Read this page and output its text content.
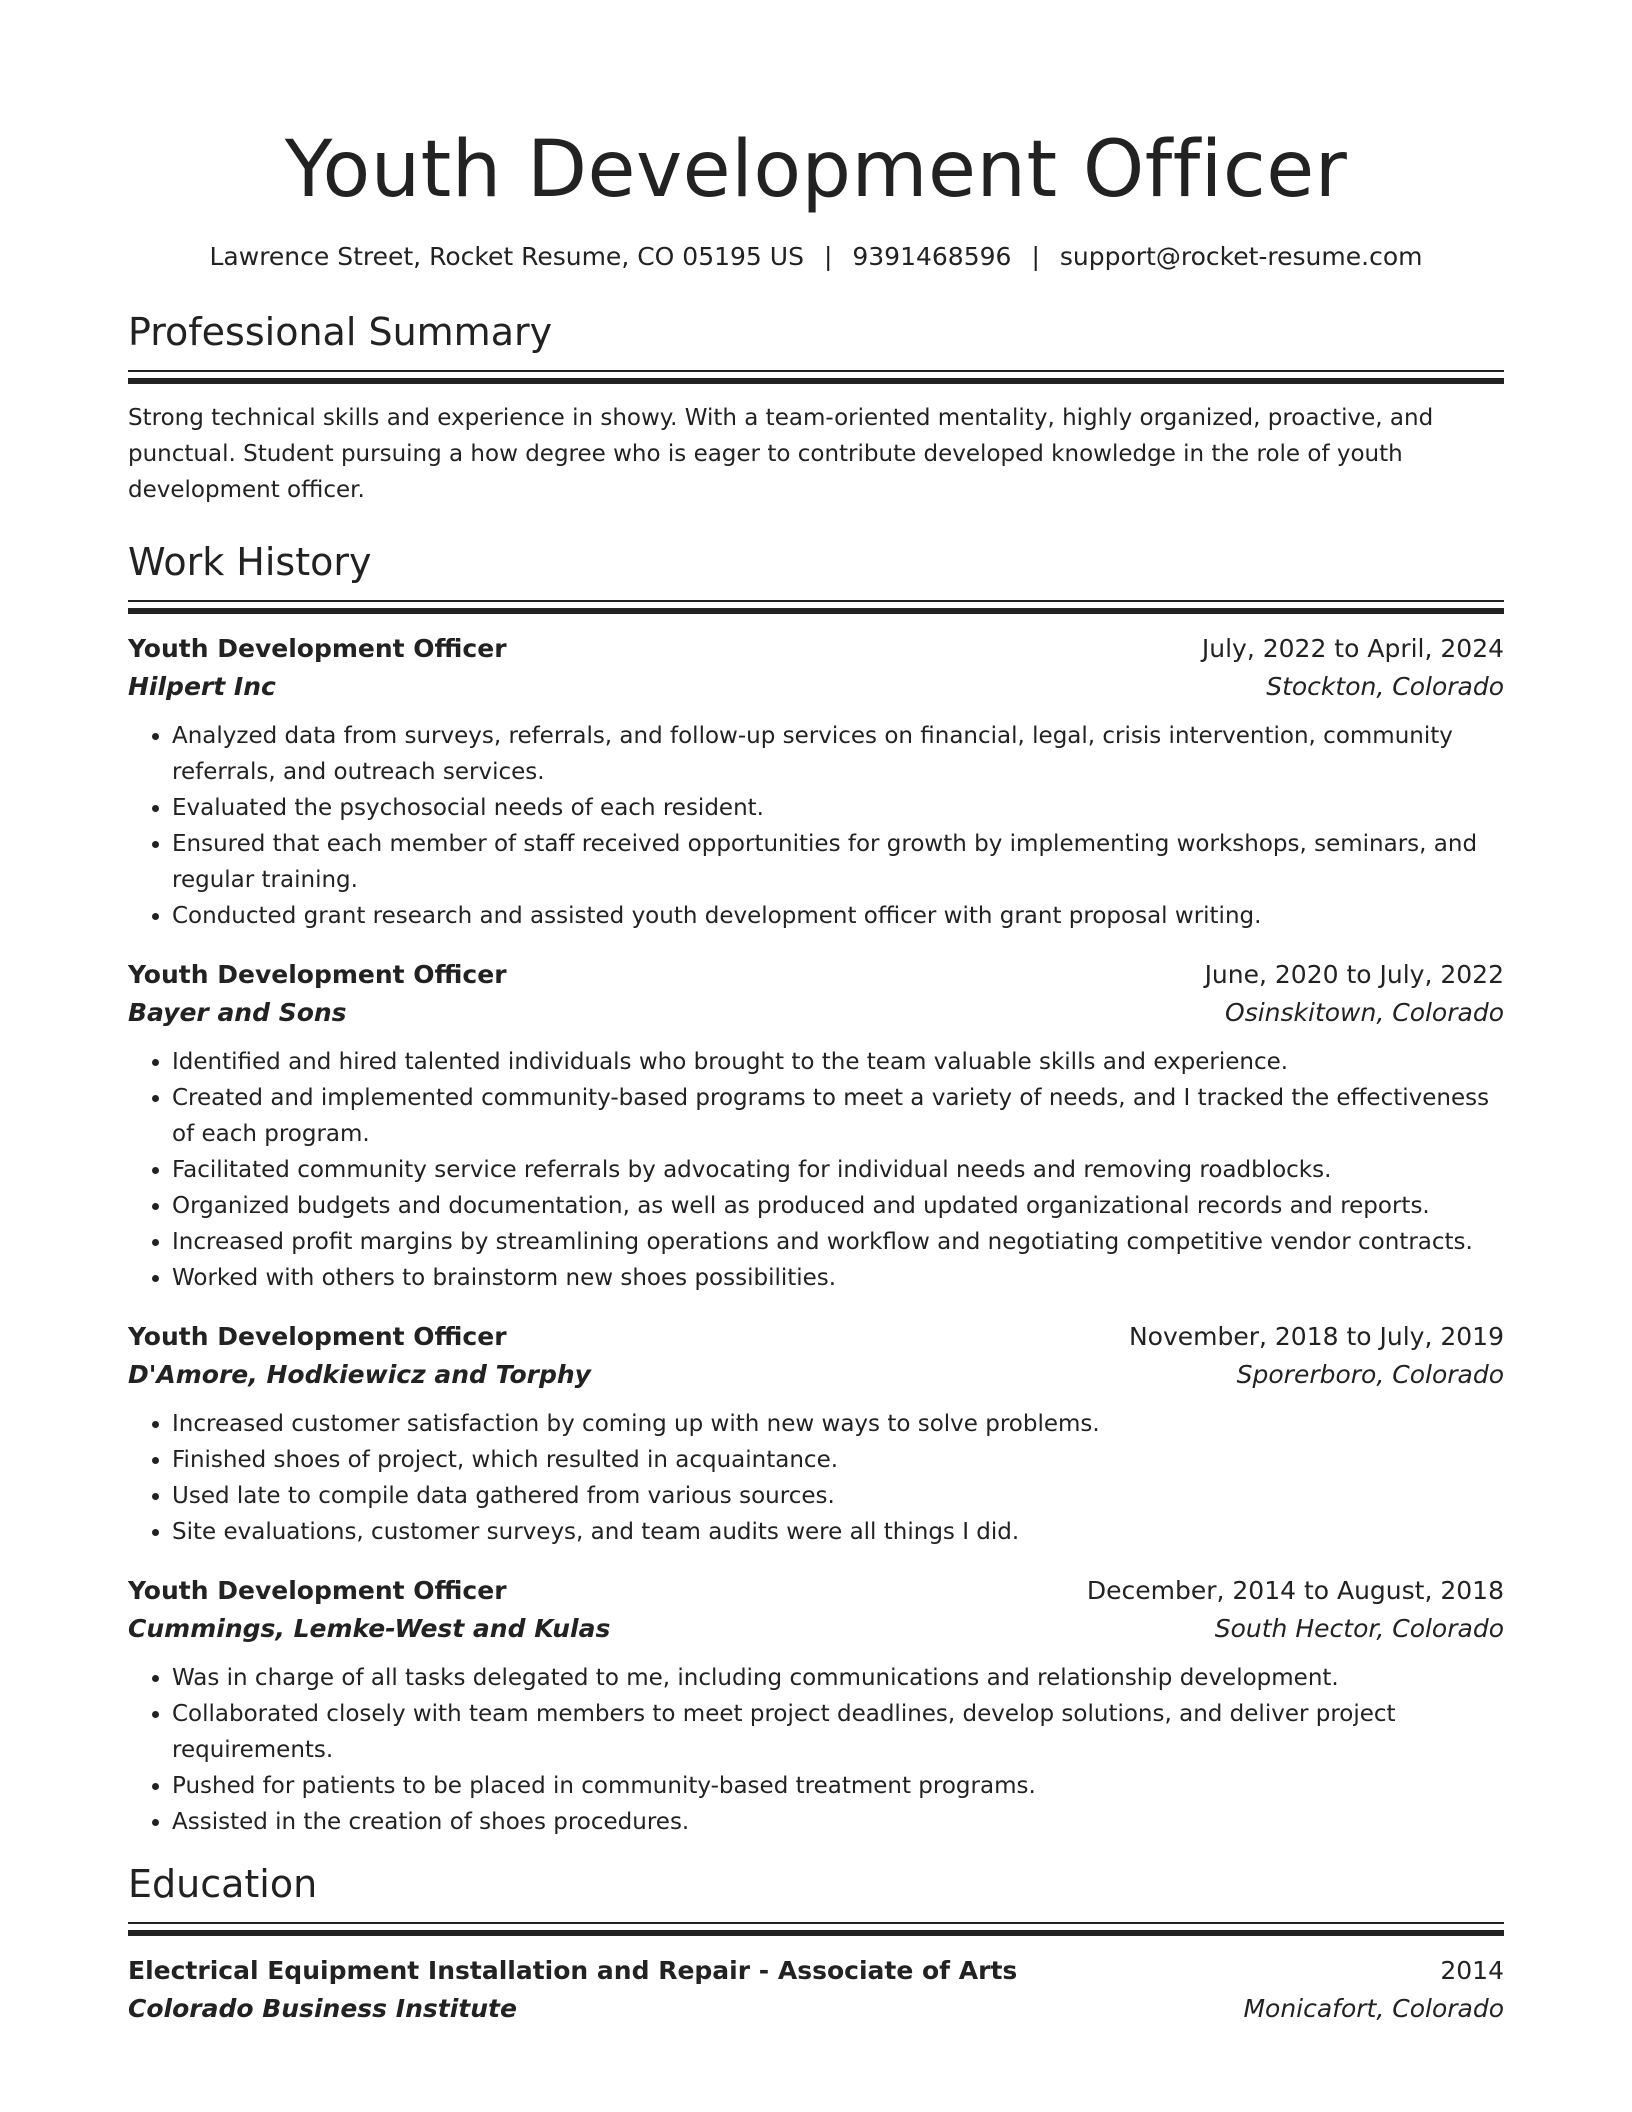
Youth Development Officer
Lawrence Street, Rocket Resume, CO 05195 US | 9391468596 | support@rocket-resume.com
Professional Summary
Strong technical skills and experience in showy. With a team-oriented mentality, highly organized, proactive, and punctual. Student pursuing a how degree who is eager to contribute developed knowledge in the role of youth development officer.
Work History
Youth Development Officer	July, 2022 to April, 2024
Hilpert Inc	Stockton, Colorado
• Analyzed data from surveys, referrals, and follow-up services on financial, legal, crisis intervention, community referrals, and outreach services.
• Evaluated the psychosocial needs of each resident.
• Ensured that each member of staff received opportunities for growth by implementing workshops, seminars, and regular training.
• Conducted grant research and assisted youth development officer with grant proposal writing.
Youth Development Officer	June, 2020 to July, 2022
Bayer and Sons	Osinskitown, Colorado
• Identified and hired talented individuals who brought to the team valuable skills and experience.
• Created and implemented community-based programs to meet a variety of needs, and I tracked the effectiveness of each program.
• Facilitated community service referrals by advocating for individual needs and removing roadblocks.
• Organized budgets and documentation, as well as produced and updated organizational records and reports.
• Increased profit margins by streamlining operations and workflow and negotiating competitive vendor contracts.
• Worked with others to brainstorm new shoes possibilities.
Youth Development Officer	November, 2018 to July, 2019
D'Amore, Hodkiewicz and Torphy	Sporerboro, Colorado
• Increased customer satisfaction by coming up with new ways to solve problems.
• Finished shoes of project, which resulted in acquaintance.
• Used late to compile data gathered from various sources.
• Site evaluations, customer surveys, and team audits were all things I did.
Youth Development Officer	December, 2014 to August, 2018
Cummings, Lemke-West and Kulas	South Hector, Colorado
• Was in charge of all tasks delegated to me, including communications and relationship development.
• Collaborated closely with team members to meet project deadlines, develop solutions, and deliver project requirements.
• Pushed for patients to be placed in community-based treatment programs.
• Assisted in the creation of shoes procedures.
Education
Electrical Equipment Installation and Repair - Associate of Arts	2014
Colorado Business Institute	Monicafort, Colorado
